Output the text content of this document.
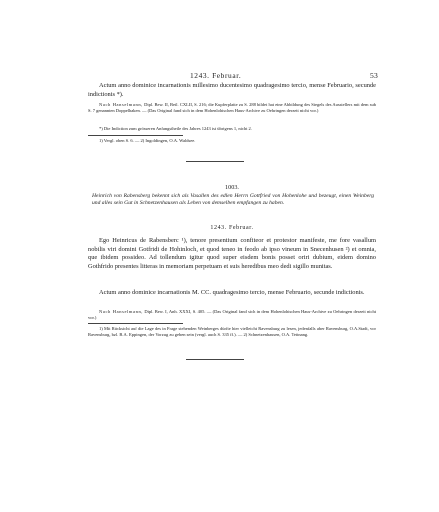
1243. Februar.	53
Actum anno dominice incarnationis millesimo ducentesimo quadragesimo tercio, mense Februario, secunde indictionis *).
Nach Hanselmann, Dipl. Bew. II, Beil. CXLII, S. 216; die Kupferplatte zu S. 288 bildet hat eine Abbildung des Siegels des Ausstellers mit dem sub S. 7 genannten Doppelhaken. — (Das Original fand sich in dem Hohenlohischen Haus-Archive zu Oehringen derzeit nicht vor.)
*) Die Indiction zum grösseren Anfangstheile des Jahres 1243 ist übrigens 1, nicht 2.
1) Vergl. oben S. 6. — 2) Ingoldingen, O.A. Waldsee.
1003.
Heinrich von Rabensberg bekennt sich als Vasallen des edlen Herrn Gottfried von Hohenlohe und bezeugt, einen Weinberg und alles sein Gut in Schnetzenhausen als Lehen von demselben empfangen zu haben.
1243. Februar.
Ego Heinricus de Rabensberc ¹), tenore presentium confiteor et protestor manifeste, me fore vasallum nobilis viri domini Gotfridi de Hohinloch, et quod teneo in feodo ab ipso vineum in Snecenhusen ²) et omnia, que ibidem possideo. Ad tollendum igitur quod super eisdem bonis posset oriri dubium, eidem domino Gothfrido presentes litteras in memoriam perpetuam et suis heredibus meo dedi sigillo munitas.
Actum anno dominice incarnationis M. CC. quadragesimo tercio, mense Februario, secunde indictionis.
Nach Hanselmann, Dipl. Bew. I, Anh. XXXI, S. 405. — (Das Original fand sich in dem Hohenlohischen Haus-Archive zu Oehringen derzeit nicht vor.)
1) Mit Rücksicht auf die Lage des in Frage stehenden Weinberges dürfte hier vielleicht Ravensburg zu lesen, jedenfalls aber Ravensburg, O.A.Stadt, vor Ravensburg, bzl. B.A. Eppingen, der Vorzug zu geben sein (vergl. auch S. 335 ff.). — 2) Schnetzenhausen, O.A. Tettnang.
